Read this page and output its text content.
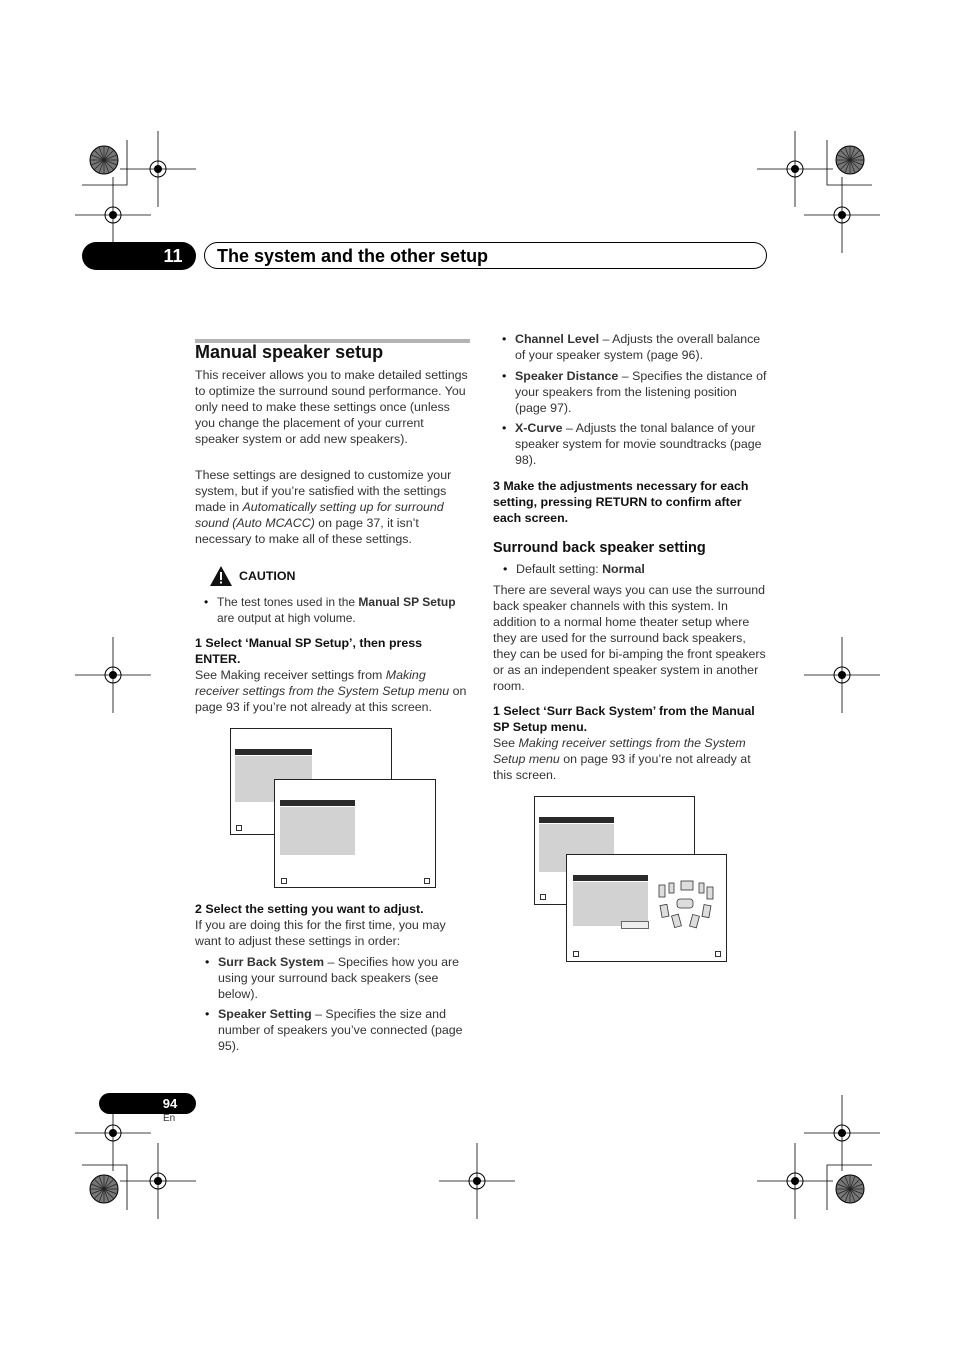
11	The system and the other setup
Manual speaker setup

This receiver allows you to make detailed settings to optimize the surround sound performance. You only need to make these settings once (unless you change the placement of your current speaker system or add new speakers).

These settings are designed to customize your system, but if you’re satisfied with the settings made in Automatically setting up for surround sound (Auto MCACC) on page 37, it isn’t necessary to make all of these settings.

CAUTION

• The test tones used in the Manual SP Setup are output at high volume.

1 Select ‘Manual SP Setup’, then press ENTER.

See Making receiver settings from Making receiver settings from the System Setup menu on page 93 if you’re not already at this screen.

2 Select the setting you want to adjust.

If you are doing this for the first time, you may want to adjust these settings in order:

• Surr Back System – Specifies how you are using your surround back speakers (see below).

• Speaker Setting – Specifies the size and number of speakers you’ve connected (page 95).

• Channel Level – Adjusts the overall balance of your speaker system (page 96).

• Speaker Distance – Specifies the distance of your speakers from the listening position (page 97).

• X-Curve – Adjusts the tonal balance of your speaker system for movie soundtracks (page 98).

3 Make the adjustments necessary for each setting, pressing RETURN to confirm after each screen.

Surround back speaker setting

• Default setting: Normal

There are several ways you can use the surround back speaker channels with this system. In addition to a normal home theater setup where they are used for the surround back speakers, they can be used for bi-amping the front speakers or as an independent speaker system in another room.

1 Select ‘Surr Back System’ from the Manual SP Setup menu.

See Making receiver settings from the System Setup menu on page 93 if you’re not already at this screen.

94
En
